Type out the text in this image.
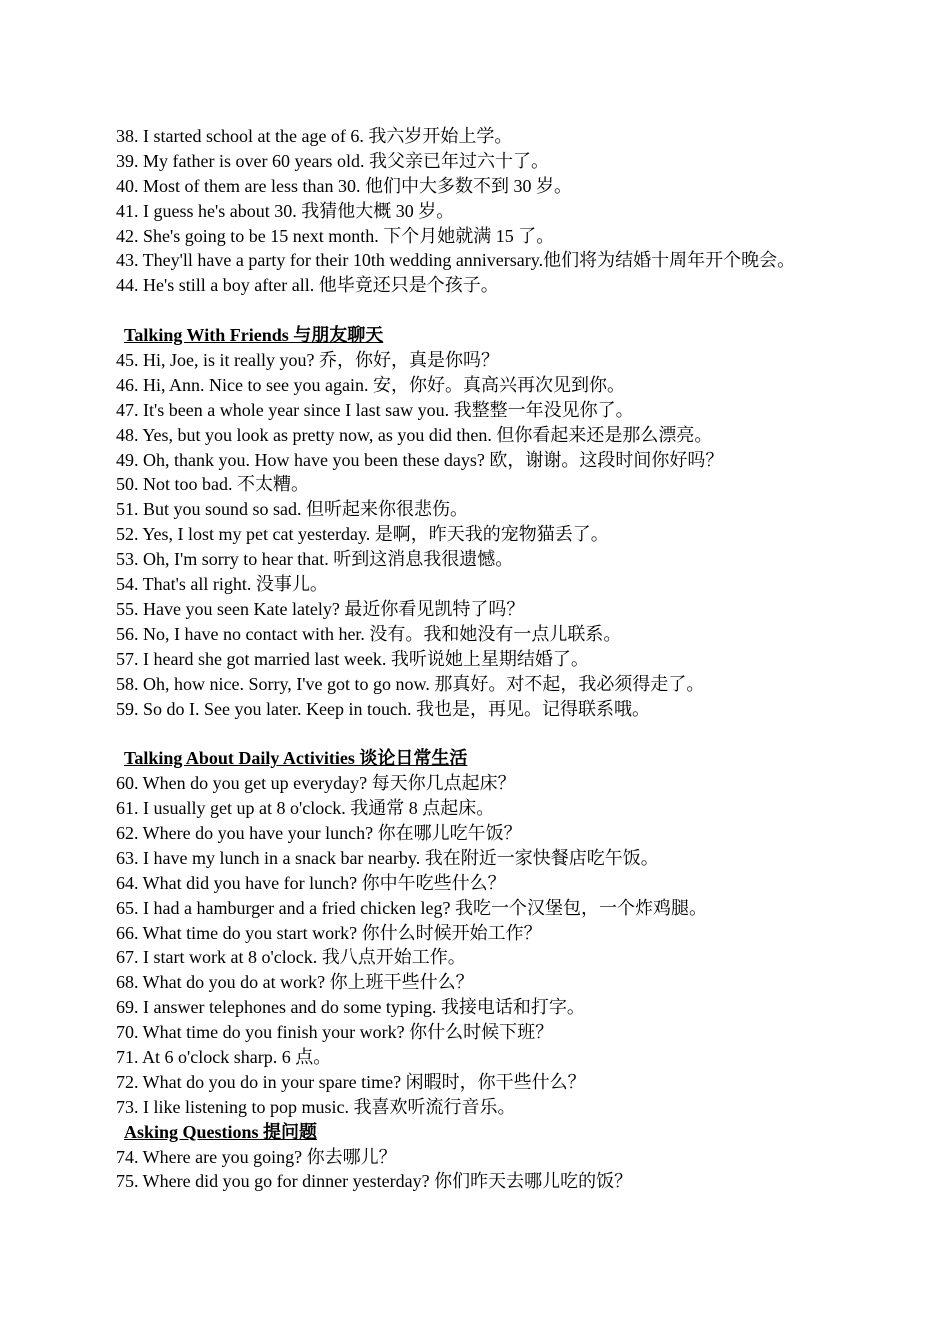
38. I started school at the age of 6. 我六岁开始上学。
39. My father is over 60 years old. 我父亲已年过六十了。
40. Most of them are less than 30. 他们中大多数不到 30 岁。
41. I guess he's about 30. 我猜他大概 30 岁。
42. She's going to be 15 next month. 下个月她就满 15 了。
43. They'll have a party for their 10th wedding anniversary.他们将为结婚十周年开个晚会。
44. He's still a boy after all. 他毕竟还只是个孩子。
Talking With Friends 与朋友聊天
45. Hi, Joe, is it really you? 乔，你好，真是你吗？
46. Hi, Ann. Nice to see you again. 安，你好。真高兴再次见到你。
47. It's been a whole year since I last saw you. 我整整一年没见你了。
48. Yes, but you look as pretty now, as you did then. 但你看起来还是那么漂亮。
49. Oh, thank you. How have you been these days? 欧，谢谢。这段时间你好吗？
50. Not too bad. 不太糟。
51. But you sound so sad. 但听起来你很悲伤。
52. Yes, I lost my pet cat yesterday. 是啊，昨天我的宠物猫丢了。
53. Oh, I'm sorry to hear that. 听到这消息我很遗憾。
54. That's all right. 没事儿。
55. Have you seen Kate lately? 最近你看见凯特了吗？
56. No, I have no contact with her. 没有。我和她没有一点儿联系。
57. I heard she got married last week. 我听说她上星期结婚了。
58. Oh, how nice. Sorry, I've got to go now. 那真好。对不起，我必须得走了。
59. So do I. See you later. Keep in touch. 我也是，再见。记得联系哦。
Talking About Daily Activities 谈论日常生活
60. When do you get up everyday? 每天你几点起床？
61. I usually get up at 8 o'clock. 我通常 8 点起床。
62. Where do you have your lunch? 你在哪儿吃午饭？
63. I have my lunch in a snack bar nearby. 我在附近一家快餐店吃午饭。
64. What did you have for lunch? 你中午吃些什么？
65. I had a hamburger and a fried chicken leg? 我吃一个汉堡包，一个炸鸡腿。
66. What time do you start work? 你什么时候开始工作？
67. I start work at 8 o'clock. 我八点开始工作。
68. What do you do at work? 你上班干些什么？
69. I answer telephones and do some typing. 我接电话和打字。
70. What time do you finish your work? 你什么时候下班？
71. At 6 o'clock sharp. 6 点。
72. What do you do in your spare time? 闲暇时，你干些什么？
73. I like listening to pop music. 我喜欢听流行音乐。
Asking Questions 提问题
74. Where are you going? 你去哪儿？
75. Where did you go for dinner yesterday? 你们昨天去哪儿吃的饭？
